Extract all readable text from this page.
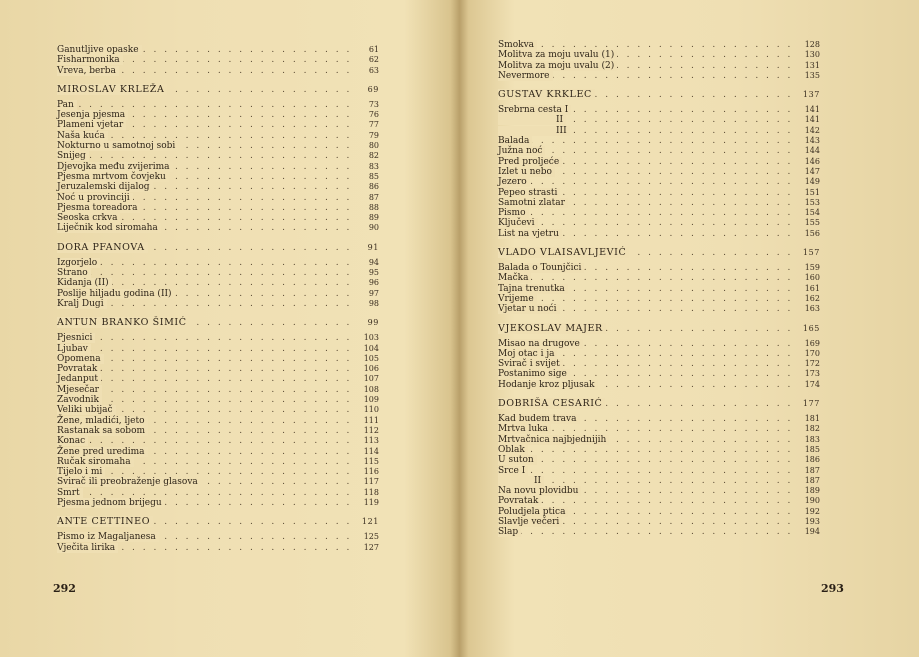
. . .
Ganutljive opaske	61
. . .
Fisharmonika	62
. . .
Vreva, berba	63
. . .
MIROSLAV KRLEŽA	69
. . .
Pan	73
. . .
Jesenja pjesma	76
. . .
Plameni vjetar	77
. . .
Naša kuća	79
. . .
Nokturno u samotnoj sobi	80
. . .
Snijeg	82
. . .
Djevojka među zvijerima	83
. . .
Pjesma mrtvom čovjeku	85
. . .
Jeruzalemski dijalog	86
. . .
Noć u provinciji	87
. . .
Pjesma toreadora	88
. . .
Seoska crkva	89
. . .
Liječnik kod siromaha	90
. . .
DORA PFANOVA	91
. . .
Izgorjelo	94
. . .
Strano	95
. . .
Kidanja (II)	96
. . .
Poslije hiljadu godina (II)	97
. . .
Kralj Dugi	98
. . .
ANTUN BRANKO ŠIMIĆ	99
. . .
Pjesnici	103
. . .
Ljubav	104
. . .
Opomena	105
. . .
Povratak	106
. . .
Jedanput	107
. . .
Mjesečar	108
. . .
Zavodnik	109
. . .
Veliki ubijač	110
. . .
Žene, mladići, ljeto	111
. . .
Rastanak sa sobom	112
. . .
Konac	113
. . .
Žene pred uredima	114
. . .
Ručak siromaha	115
. . .
Tijelo i mi	116
. . .
Svirač ili preobraženje glasova	117
. . .
Smrt	118
. . .
Pjesma jednom brijegu	119
. . .
ANTE CETTINEO	121
. . .
Pismo iz Magaljanesa	125
. . .
Vječita lirika	127
292
. . .
Smokva	128
. . .
Molitva za moju uvalu (1)	130
. . .
Molitva za moju uvalu (2)	131
. . .
Nevermore	135
. . .
GUSTAV KRKLEC	137
. . .
Srebrna cesta I	141
. . .
II	141
. . .
III	142
. . .
Balada	143
. . .
Južna noć	144
. . .
Pred proljeće	146
. . .
Izlet u nebo	147
. . .
Jezero	149
. . .
Pepeo strasti	151
. . .
Samotni zlatar	153
. . .
Pismo	154
. . .
Ključevi	155
. . .
List na vjetru	156
. . .
VLADO VLAISAVLJEVIĆ	157
. . .
Balada o Tounjčici	159
. . .
Mačka	160
. . .
Tajna trenutka	161
. . .
Vrijeme	162
. . .
Vjetar u noći	163
. . .
VJEKOSLAV MAJER	165
. . .
Misao na drugove	169
. . .
Moj otac i ja	170
. . .
Svirač i svijet	172
. . .
Postanimo sige	173
. . .
Hodanje kroz pljusak	174
. . .
DOBRIŠA CESARIĆ	177
. . .
Kad budem trava	181
. . .
Mrtva luka	182
. . .
Mrtvačnica najbjednijih	183
. . .
Oblak	185
. . .
U suton	186
. . .
Srce I	187
. . .
II	187
. . .
Na novu plovidbu	189
. . .
Povratak	190
. . .
Poludjela ptica	192
. . .
Slavlje večeri	193
. . .
Slap	194
293
